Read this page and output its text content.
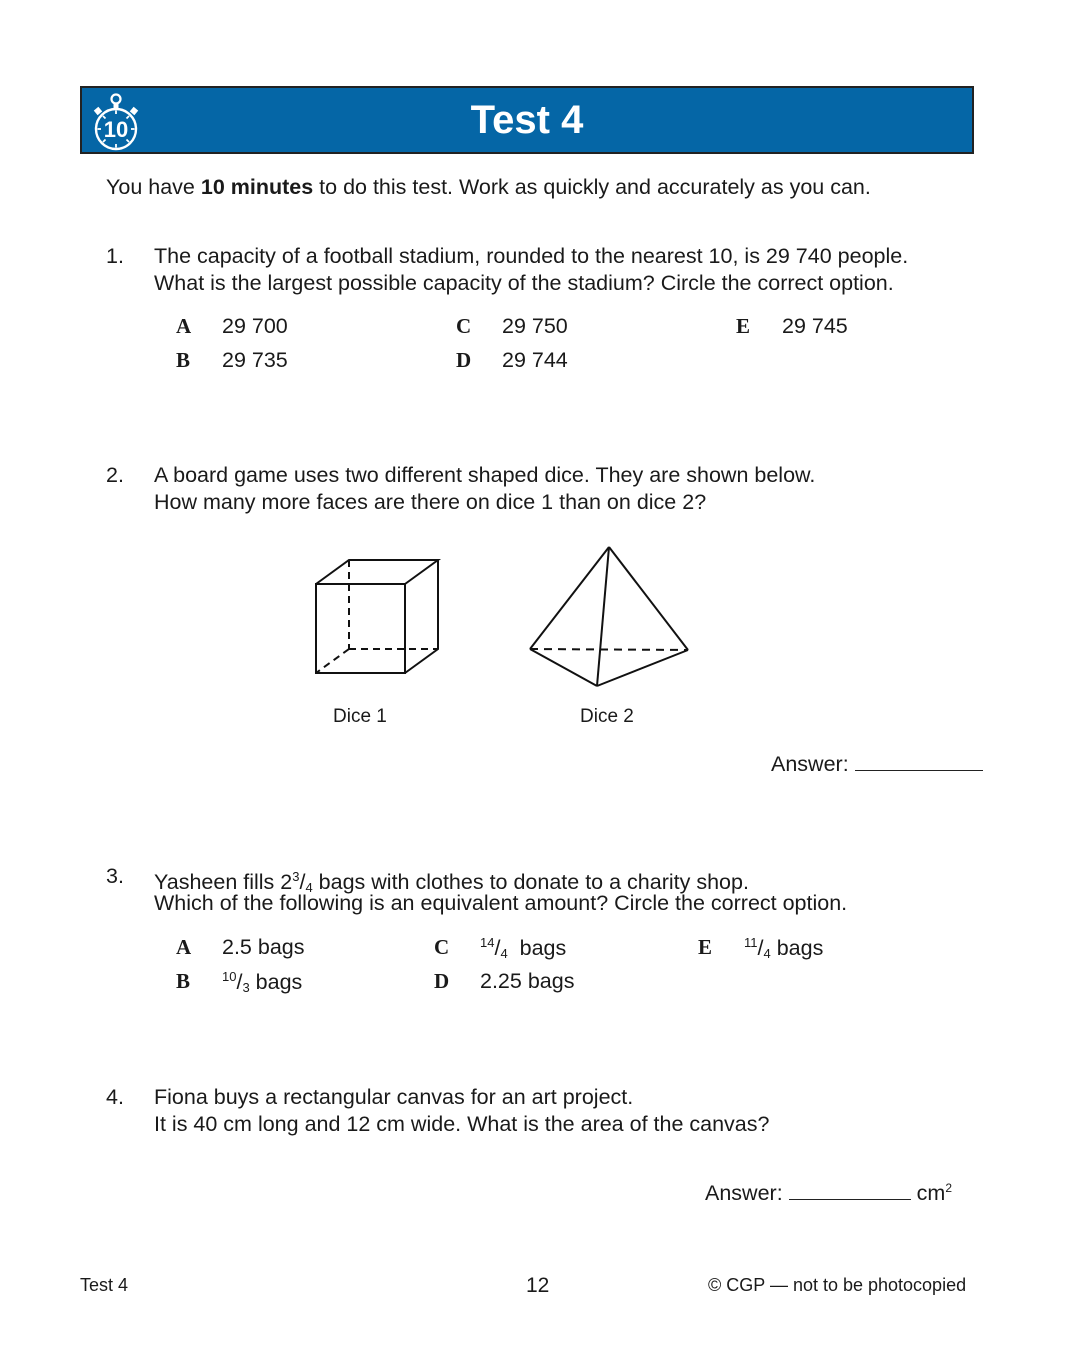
10	Test 4
You have 10 minutes to do this test. Work as quickly and accurately as you can.
1. The capacity of a football stadium, rounded to the nearest 10, is 29 740 people.
What is the largest possible capacity of the stadium? Circle the correct option.
A 29 700
B 29 735
C 29 750
D 29 744
E 29 745
2. A board game uses two different shaped dice. They are shown below.
How many more faces are there on dice 1 than on dice 2?
Dice 1	Dice 2
Answer:
3. Yasheen fills $2^3/_4$ bags with clothes to donate to a charity shop.
Which of the following is an equivalent amount? Circle the correct option.
A 2.5 bags
B $^{10}/_3$ bags
C $^{14}/_4$  bags
D 2.25 bags
E $^{11}/_4$ bags
4. Fiona buys a rectangular canvas for an art project.
It is 40 cm long and 12 cm wide. What is the area of the canvas?
Answer:	$cm^2$
Test 4	12	© CGP — not to be photocopied
